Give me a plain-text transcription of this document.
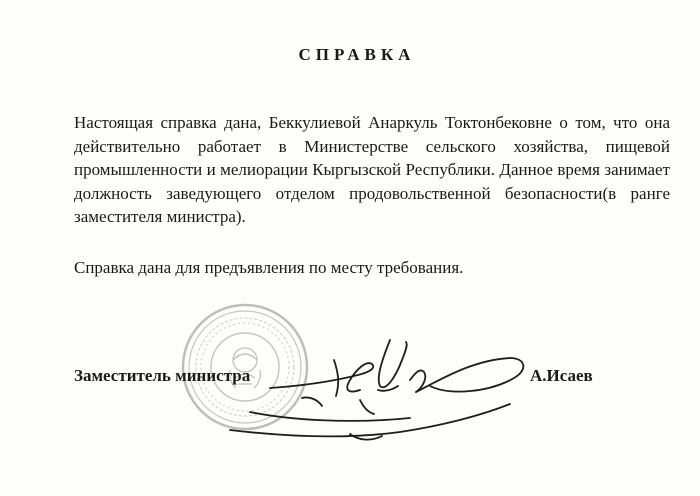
СПРАВКА
Настоящая справка дана, Беккулиевой Анаркуль Токтонбековне о том, что она действительно работает в Министерстве сельского хозяйства, пищевой промышленности и мелиорации Кыргызской Республики. Данное время занимает должность заведующего отделом продовольственной безопасности(в ранге заместителя министра).
Справка дана для предъявления по месту требования.
Заместитель министра	А.Исаев
